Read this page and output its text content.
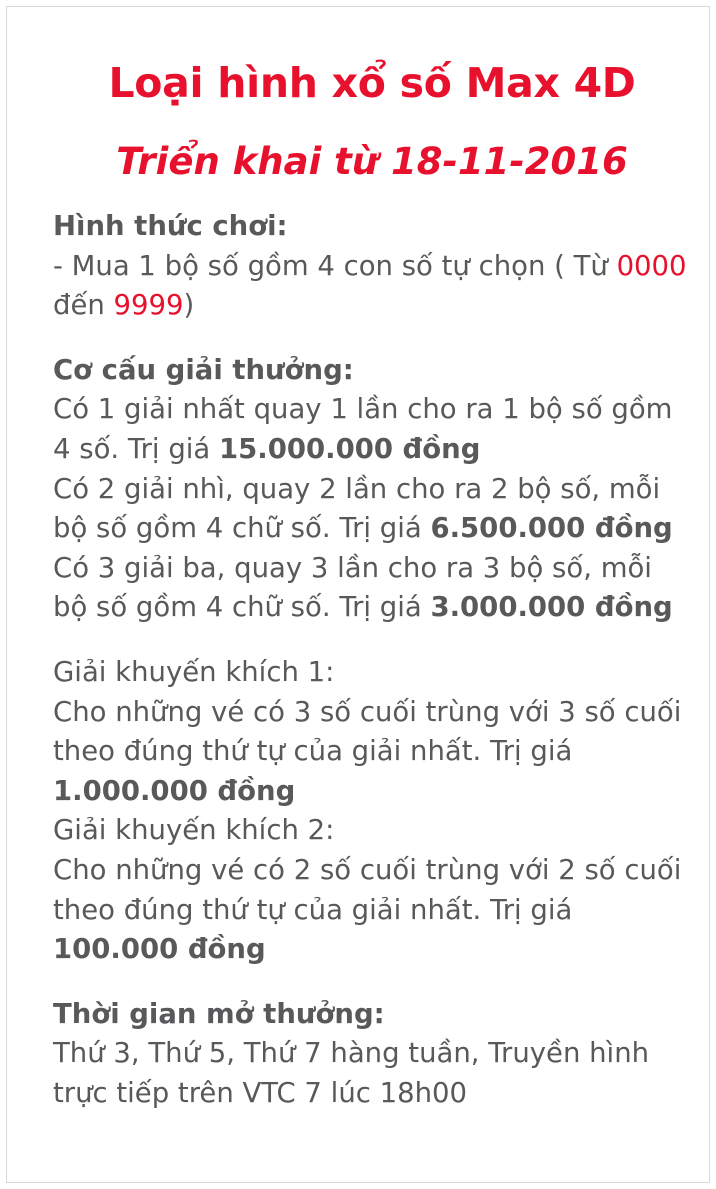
Loại hình xổ số Max 4D
Triển khai từ 18-11-2016

Hình thức chơi:

- Mua 1 bộ số gồm 4 con số tự chọn ( Từ 0000 đến 9999)

Cơ cấu giải thưởng:

Có 1 giải nhất quay 1 lần cho ra 1 bộ số gồm 4 số. Trị giá 15.000.000 đồng

Có 2 giải nhì, quay 2 lần cho ra 2 bộ số, mỗi bộ số gồm 4 chữ số. Trị giá 6.500.000 đồng

Có 3 giải ba, quay 3 lần cho ra 3 bộ số, mỗi bộ số gồm 4 chữ số. Trị giá 3.000.000 đồng

Giải khuyến khích 1:

Cho những vé có 3 số cuối trùng với 3 số cuối theo đúng thứ tự của giải nhất. Trị giá 1.000.000 đồng

Giải khuyến khích 2:

Cho những vé có 2 số cuối trùng với 2 số cuối theo đúng thứ tự của giải nhất. Trị giá 100.000 đồng

Thời gian mở thưởng:

Thứ 3, Thứ 5, Thứ 7 hàng tuần, Truyền hình trực tiếp trên VTC 7 lúc 18h00
